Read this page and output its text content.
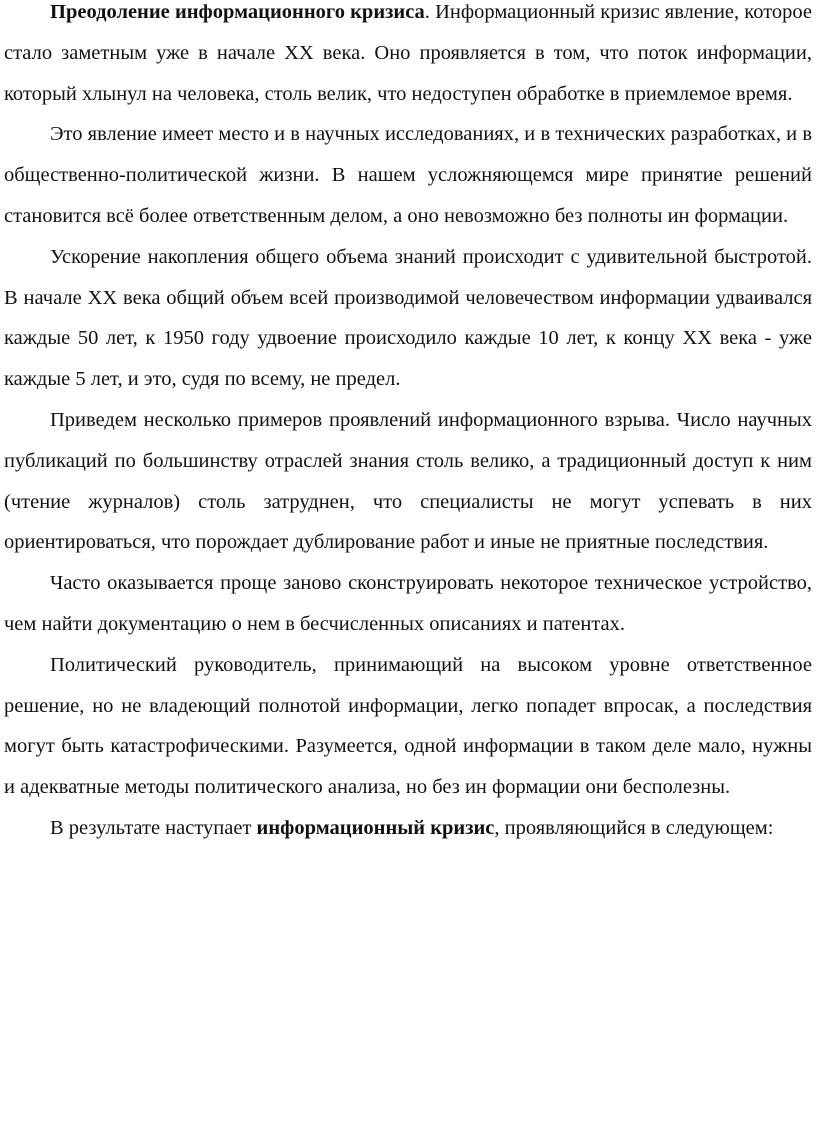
Преодоление информационного кризиса. Информационный кризис явление, которое стало заметным уже в начале XX века. Оно проявляется в том, что поток информации, который хлынул на человека, столь велик, что недоступен обработке в приемлемое время.

Это явление имеет место и в научных исследованиях, и в технических разработках, и в общественно-политической жизни. В нашем усложняющемся мире принятие решений становится всё более ответственным делом, а оно невозможно без полноты ин формации.

Ускорение накопления общего объема знаний происходит с удивительной быстротой. В начале XX века общий объем всей производимой человечеством информации удваивался каждые 50 лет, к 1950 году удвоение происходило каждые 10 лет, к концу XX века - уже каждые 5 лет, и это, судя по всему, не предел.

Приведем несколько примеров проявлений информационного взрыва. Число научных публикаций по большинству отраслей знания столь велико, а традиционный доступ к ним (чтение журналов) столь затруднен, что специалисты не могут успевать в них ориентироваться, что порождает дублирование работ и иные не приятные последствия.

Часто оказывается проще заново сконструировать некоторое техническое устройство, чем найти документацию о нем в бесчисленных описаниях и патентах.

Политический руководитель, принимающий на высоком уровне ответственное решение, но не владеющий полнотой информации, легко попадет впросак, а последствия могут быть катастрофическими. Разумеется, одной информации в таком деле мало, нужны и адекватные методы политического анализа, но без ин формации они бесполезны.

В результате наступает информационный кризис, проявляющийся в следующем:
